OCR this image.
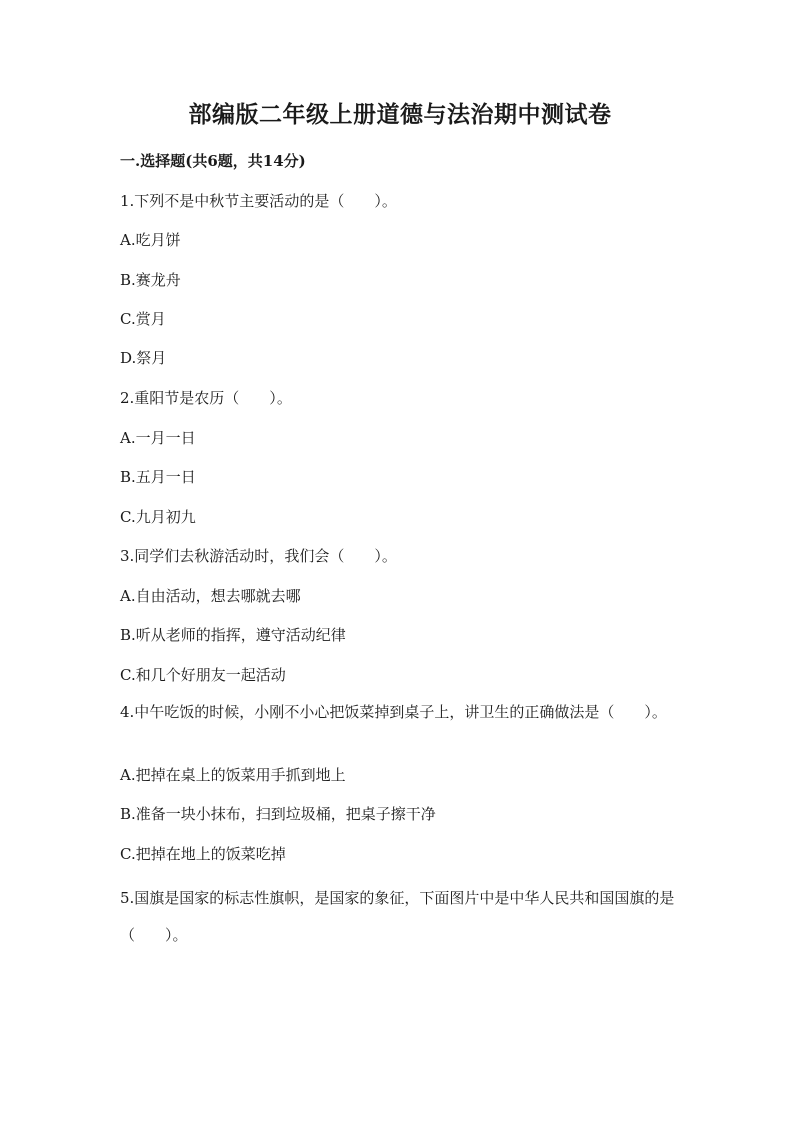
部编版二年级上册道德与法治期中测试卷
一.选择题(共6题，共14分)
1.下列不是中秋节主要活动的是（　　）。
A.吃月饼
B.赛龙舟
C.赏月
D.祭月
2.重阳节是农历（　　）。
A.一月一日
B.五月一日
C.九月初九
3.同学们去秋游活动时，我们会（　　）。
A.自由活动，想去哪就去哪
B.听从老师的指挥，遵守活动纪律
C.和几个好朋友一起活动
4.中午吃饭的时候，小刚不小心把饭菜掉到桌子上，讲卫生的正确做法是（　　）。
A.把掉在桌上的饭菜用手抓到地上
B.准备一块小抹布，扫到垃圾桶，把桌子擦干净
C.把掉在地上的饭菜吃掉
5.国旗是国家的标志性旗帜，是国家的象征，下面图片中是中华人民共和国国旗的是（　　）。
